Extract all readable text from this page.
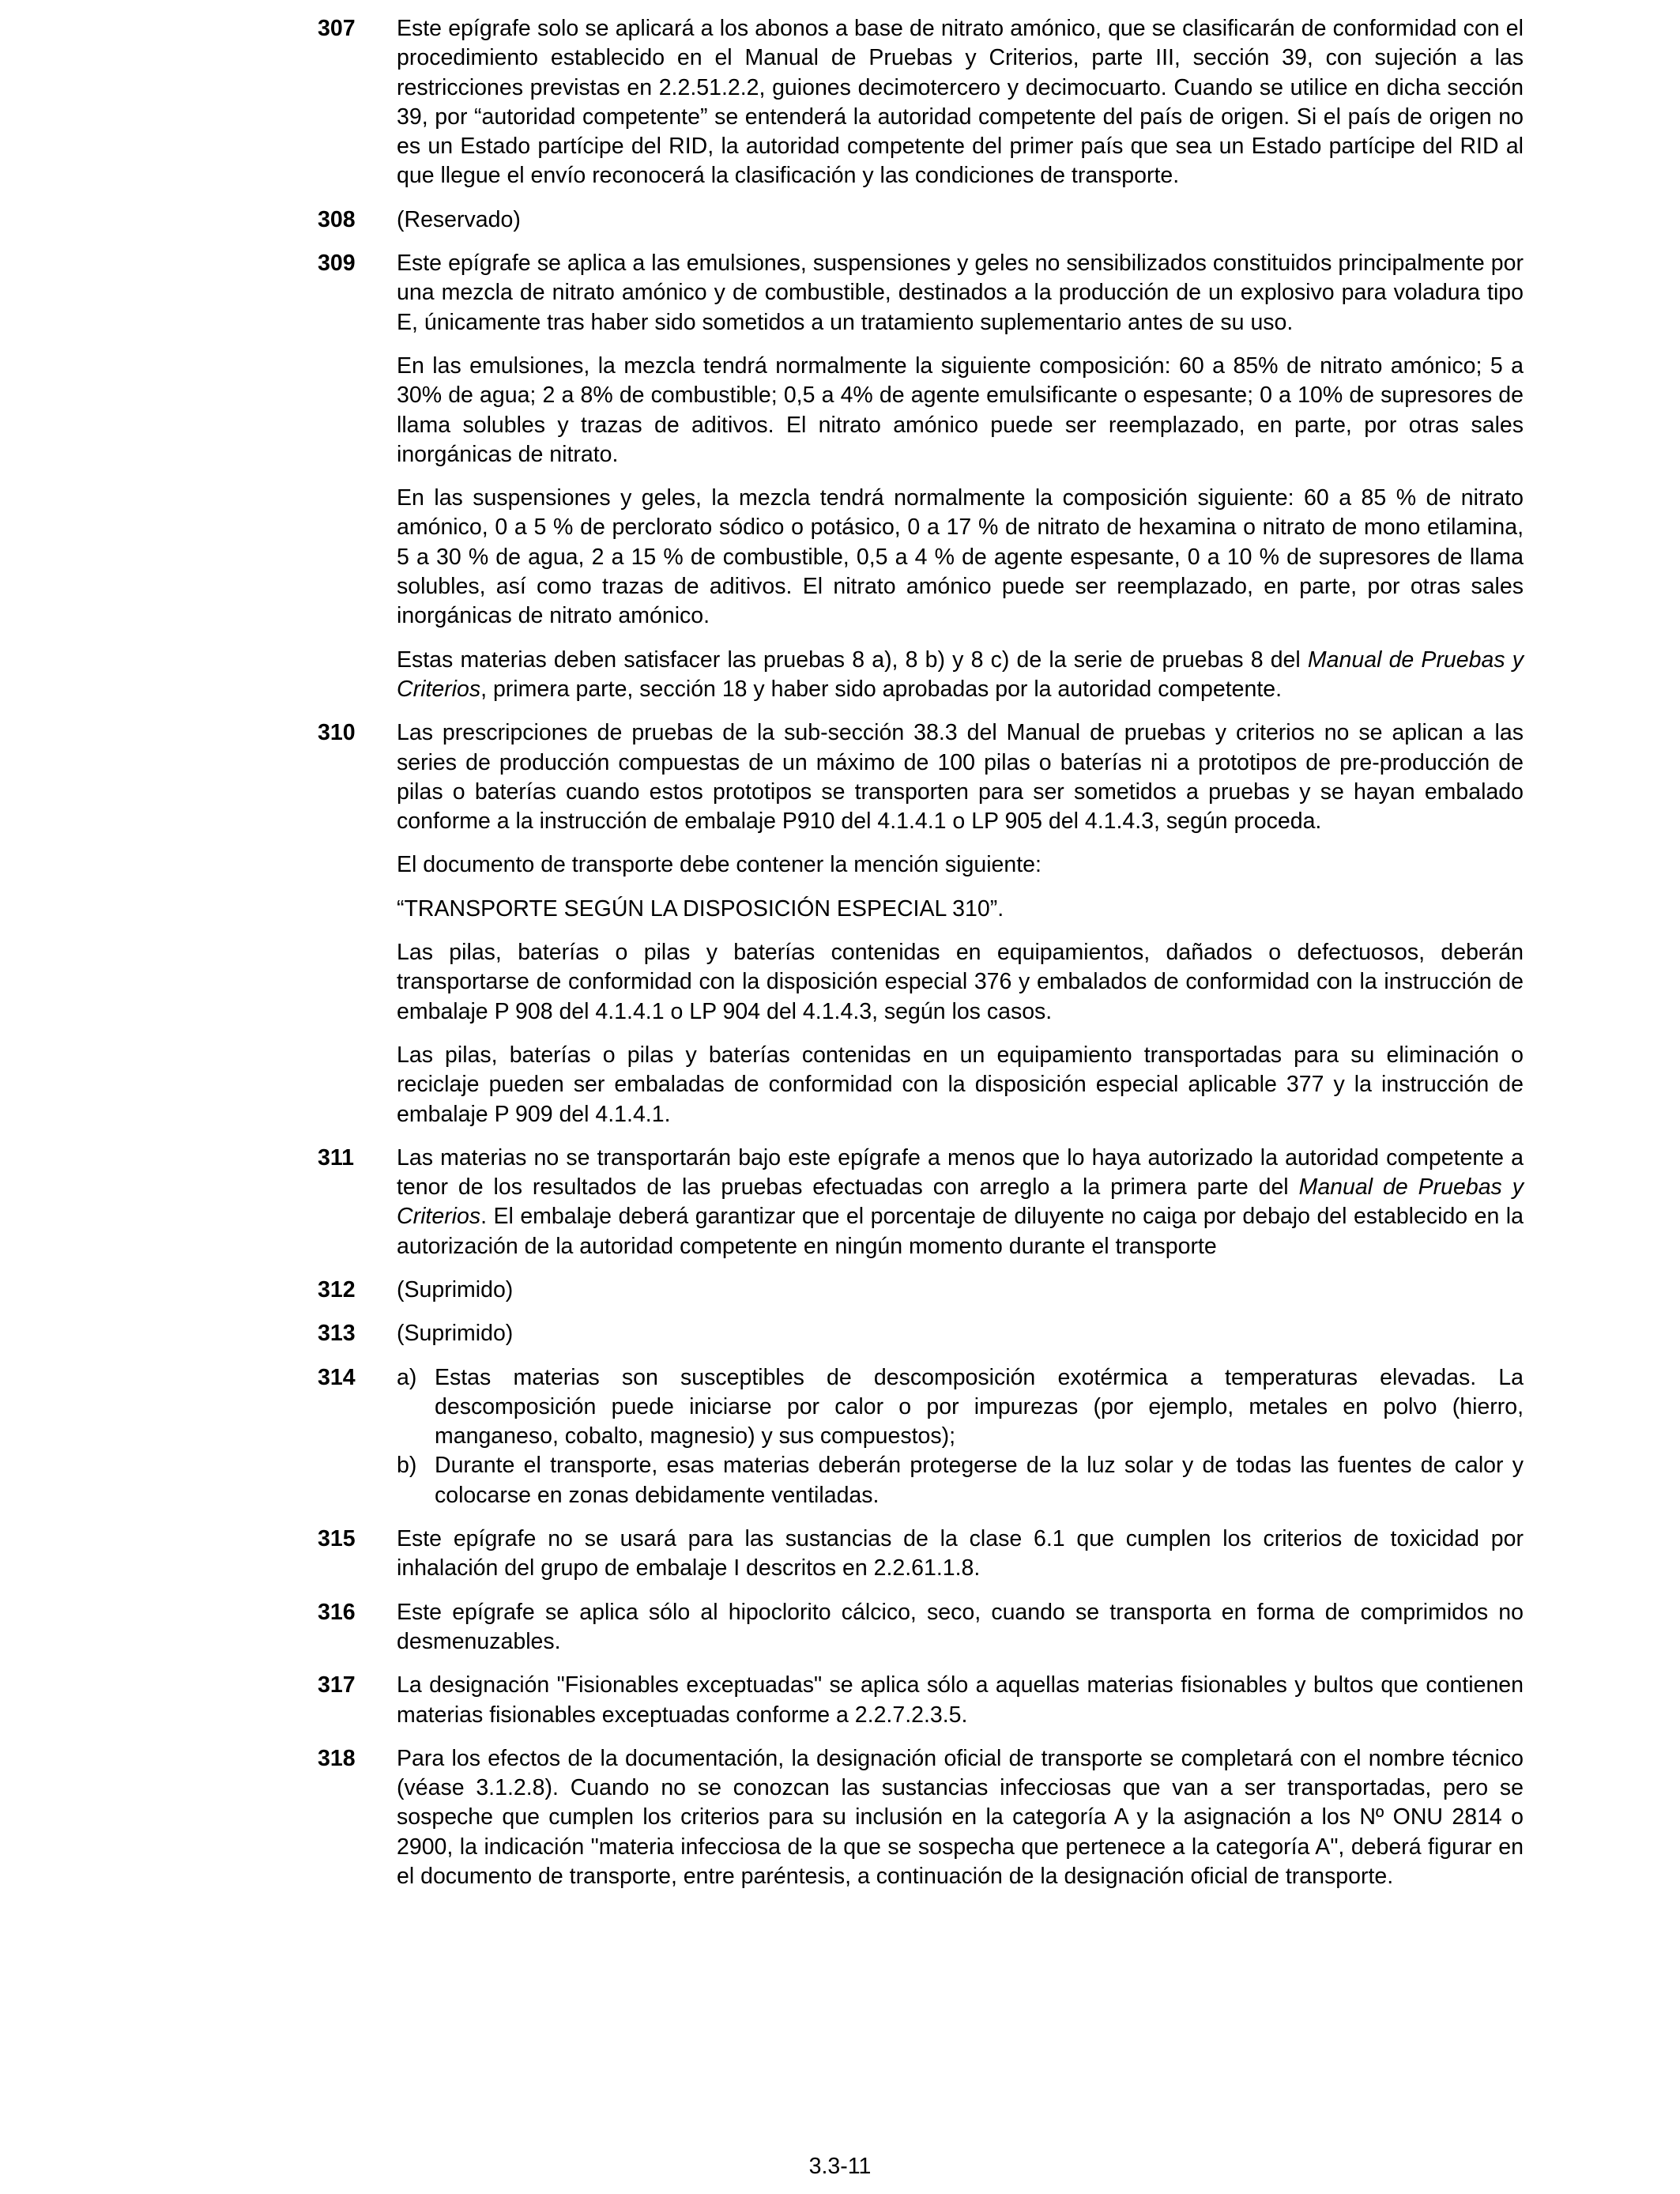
307	Este epígrafe solo se aplicará a los abonos a base de nitrato amónico, que se clasificarán de conformidad con el procedimiento establecido en el Manual de Pruebas y Criterios, parte III, sección 39, con sujeción a las restricciones previstas en 2.2.51.2.2, guiones decimotercero y decimocuarto. Cuando se utilice en dicha sección 39, por “autoridad competente” se entenderá la autoridad competente del país de origen. Si el país de origen no es un Estado partícipe del RID, la autoridad competente del primer país que sea un Estado partícipe del RID al que llegue el envío reconocerá la clasificación y las condiciones de transporte.

308	(Reservado)

309	Este epígrafe se aplica a las emulsiones, suspensiones y geles no sensibilizados constituidos principalmente por una mezcla de nitrato amónico y de combustible, destinados a la producción de un explosivo para voladura tipo E, únicamente tras haber sido sometidos a un tratamiento suplementario antes de su uso.

En las emulsiones, la mezcla tendrá normalmente la siguiente composición: 60 a 85% de nitrato amónico; 5 a 30% de agua; 2 a 8% de combustible; 0,5 a 4% de agente emulsificante o espesante; 0 a 10% de supresores de llama solubles y trazas de aditivos. El nitrato amónico puede ser reemplazado, en parte, por otras sales inorgánicas de nitrato.

En las suspensiones y geles, la mezcla tendrá normalmente la composición siguiente: 60 a 85 % de nitrato amónico, 0 a 5 % de perclorato sódico o potásico, 0 a 17 % de nitrato de hexamina o nitrato de mono etilamina, 5 a 30 % de agua, 2 a 15 % de combustible, 0,5 a 4 % de agente espesante, 0 a 10 % de supresores de llama solubles, así como trazas de aditivos. El nitrato amónico puede ser reemplazado, en parte, por otras sales inorgánicas de nitrato amónico.

Estas materias deben satisfacer las pruebas 8 a), 8 b) y 8 c) de la serie de pruebas 8 del Manual de Pruebas y Criterios, primera parte, sección 18 y haber sido aprobadas por la autoridad competente.

310	Las prescripciones de pruebas de la sub-sección 38.3 del Manual de pruebas y criterios no se aplican a las series de producción compuestas de un máximo de 100 pilas o baterías ni a prototipos de pre-producción de pilas o baterías cuando estos prototipos se transporten para ser sometidos a pruebas y se hayan embalado conforme a la instrucción de embalaje P910 del 4.1.4.1 o LP 905 del 4.1.4.3, según proceda.

El documento de transporte debe contener la mención siguiente:

“TRANSPORTE SEGÚN LA DISPOSICIÓN ESPECIAL 310”.

Las pilas, baterías o pilas y baterías contenidas en equipamientos, dañados o defectuosos, deberán transportarse de conformidad con la disposición especial 376 y embalados de conformidad con la instrucción de embalaje P 908 del 4.1.4.1 o LP 904 del 4.1.4.3, según los casos.

Las pilas, baterías o pilas y baterías contenidas en un equipamiento transportadas para su eliminación o reciclaje pueden ser embaladas de conformidad con la disposición especial aplicable 377 y la instrucción de embalaje P 909 del 4.1.4.1.

311	Las materias no se transportarán bajo este epígrafe a menos que lo haya autorizado la autoridad competente a tenor de los resultados de las pruebas efectuadas con arreglo a la primera parte del Manual de Pruebas y Criterios. El embalaje deberá garantizar que el porcentaje de diluyente no caiga por debajo del establecido en la autorización de la autoridad competente en ningún momento durante el transporte

312	(Suprimido)

313	(Suprimido)

314	a) Estas materias son susceptibles de descomposición exotérmica a temperaturas elevadas. La descomposición puede iniciarse por calor o por impurezas (por ejemplo, metales en polvo (hierro, manganeso, cobalto, magnesio) y sus compuestos);
b) Durante el transporte, esas materias deberán protegerse de la luz solar y de todas las fuentes de calor y colocarse en zonas debidamente ventiladas.
315	Este epígrafe no se usará para las sustancias de la clase 6.1 que cumplen los criterios de toxicidad por inhalación del grupo de embalaje I descritos en 2.2.61.1.8.

316	Este epígrafe se aplica sólo al hipoclorito cálcico, seco, cuando se transporta en forma de comprimidos no desmenuzables.

317	La designación "Fisionables exceptuadas" se aplica sólo a aquellas materias fisionables y bultos que contienen materias fisionables exceptuadas conforme a 2.2.7.2.3.5.

318	Para los efectos de la documentación, la designación oficial de transporte se completará con el nombre técnico (véase 3.1.2.8). Cuando no se conozcan las sustancias infecciosas que van a ser transportadas, pero se sospeche que cumplen los criterios para su inclusión en la categoría A y la asignación a los Nº ONU 2814 o 2900, la indicación "materia infecciosa de la que se sospecha que pertenece a la categoría A", deberá figurar en el documento de transporte, entre paréntesis, a continuación de la designación oficial de transporte.

3.3-11
